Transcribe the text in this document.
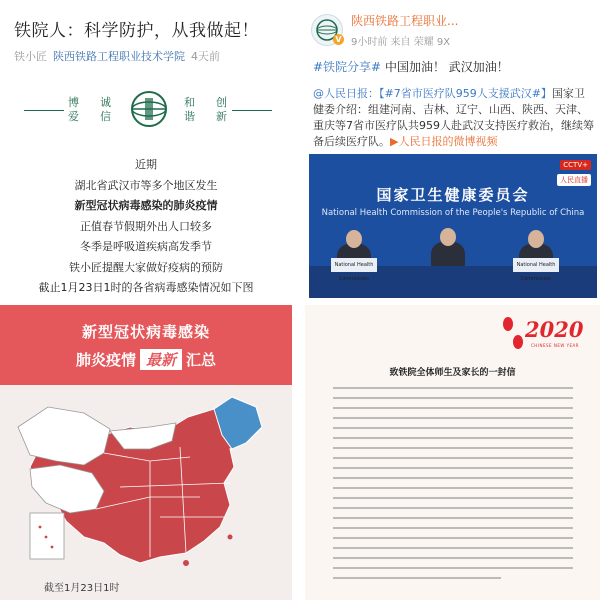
铁院人：科学防护，从我做起！
铁小匠 陕西铁路工程职业技术学院 4天前
博
爱
诚
信
和
谐
创
新
近期
湖北省武汉市等多个地区发生
新型冠状病毒感染的肺炎疫情
正值春节假期外出人口较多
冬季是呼吸道疾病高发季节
铁小匠提醒大家做好疫病的预防
截止1月23日1时的各省病毒感染情况如下图
V
陕西铁路工程职业...
9小时前 来自 荣耀 9X
#铁院分享# 中国加油！ 武汉加油！
@人民日报：【#7省市医疗队959人支援武汉#】国家卫健委介绍：组建河南、吉林、辽宁、山西、陕西、天津、重庆等7省市医疗队共959人赴武汉支持医疗救治，继续筹备后续医疗队。▶人民日报的微博视频
CCTV+
人民直播
国家卫生健康委员会
National Health Commission of the People's Republic of China
National Health Commission
National Health Commission
新型冠状病毒感染
肺炎疫情 最新 汇总
截至1月23日1时
2020
CHINESE NEW YEAR
致铁院全体师生及家长的一封信
